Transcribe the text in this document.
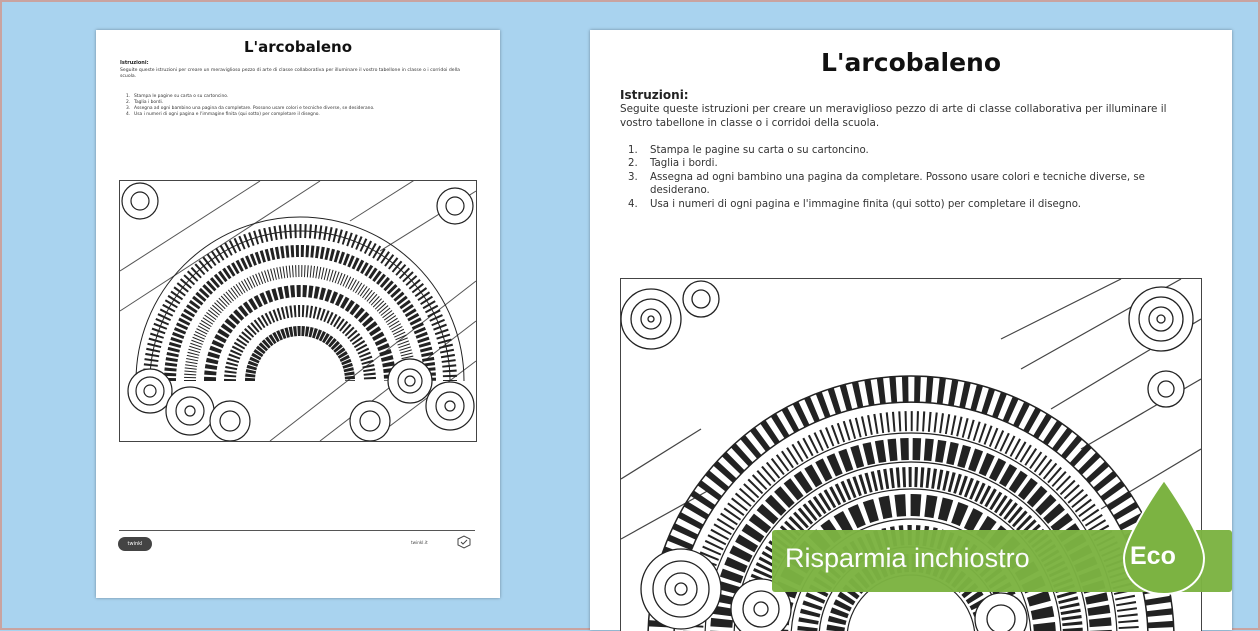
L'arcobaleno
Istruzioni:
Seguite queste istruzioni per creare un meraviglioso pezzo di arte di classe collaborativa per illuminare il vostro tabellone in classe o i corridoi della scuola.
1. Stampa le pagine su carta o su cartoncino.
2. Taglia i bordi.
3. Assegna ad ogni bambino una pagina da completare. Possono usare colori e tecniche diverse, se desiderano.
4. Usa i numeri di ogni pagina e l'immagine finita (qui sotto) per completare il disegno.
twinkl	twinkl.it
L'arcobaleno
Istruzioni:
Seguite queste istruzioni per creare un meraviglioso pezzo di arte di classe collaborativa per illuminare il vostro tabellone in classe o i corridoi della scuola.
1. Stampa le pagine su carta o su cartoncino.
2. Taglia i bordi.
3. Assegna ad ogni bambino una pagina da completare. Possono usare colori e tecniche diverse, se desiderano.
4. Usa i numeri di ogni pagina e l'immagine finita (qui sotto) per completare il disegno.
Risparmia inchiostro	Eco
